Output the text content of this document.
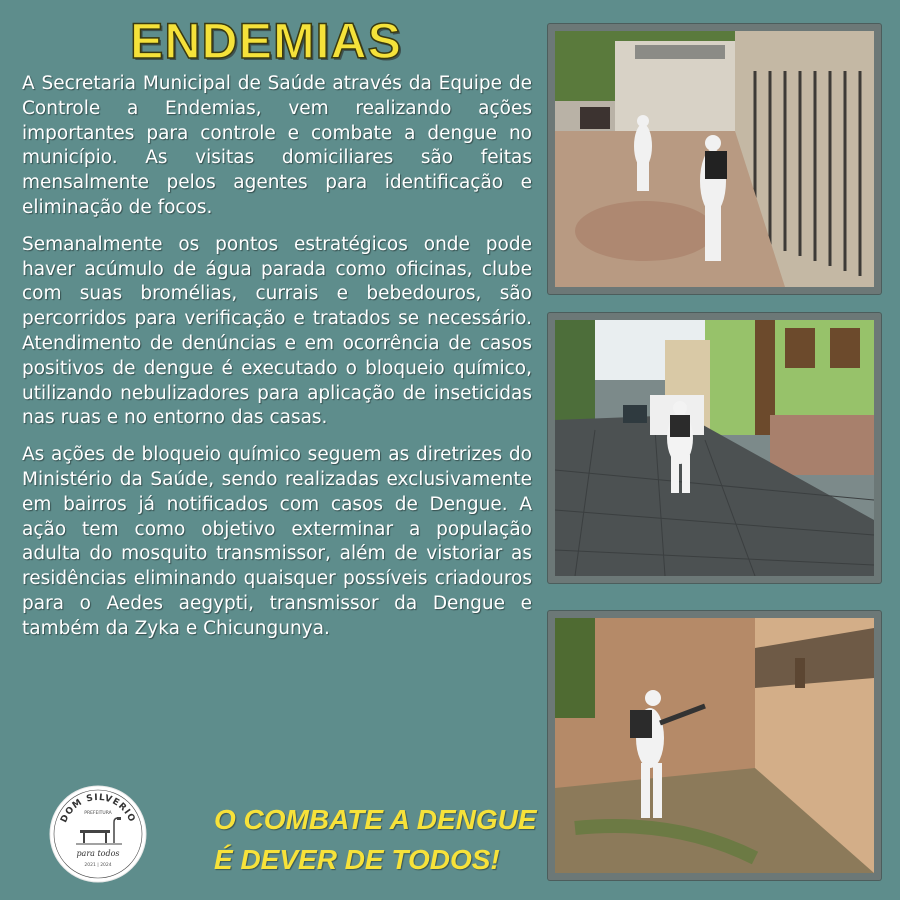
ENDEMIAS

A Secretaria Municipal de Saúde através da Equipe de Controle a Endemias, vem realizando ações importantes para controle e combate a dengue no município. As visitas domiciliares são feitas mensalmente pelos agentes para identificação e eliminação de focos.

Semanalmente os pontos estratégicos onde pode haver acúmulo de água parada como oficinas, clube com suas bromélias, currais e bebedouros, são percorridos para verificação e tratados se necessário. Atendimento de denúncias e em ocorrência de casos positivos de dengue é executado o bloqueio químico, utilizando nebulizadores para aplicação de inseticidas nas ruas e no entorno das casas.

As ações de bloqueio químico seguem as diretrizes do Ministério da Saúde, sendo realizadas exclusivamente em bairros já notificados com casos de Dengue. A ação tem como objetivo exterminar a população adulta do mosquito transmissor, além de vistoriar as residências eliminando quaisquer possíveis criadouros para o Aedes aegypti, transmissor da Dengue e também da Zyka e Chicungunya.

DOM SILVERIO
PREFEITURA
para todos
2021 | 2024
O COMBATE A DENGUE
É DEVER DE TODOS!
